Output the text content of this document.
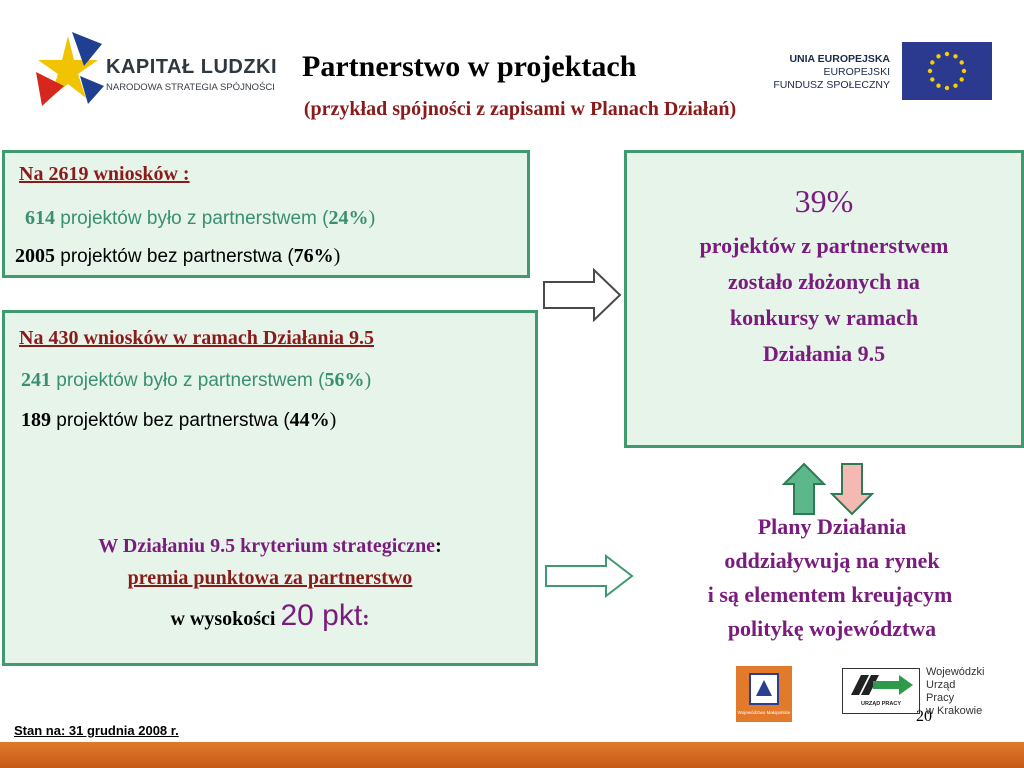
KAPITAŁ LUDZKI
NARODOWA STRATEGIA SPÓJNOŚCI
Partnerstwo w projektach
(przykład spójności z zapisami w Planach Działań)
UNIA EUROPEJSKA
EUROPEJSKI
FUNDUSZ SPOŁECZNY
Na 2619 wniosków :
614 projektów było z partnerstwem (24%)
2005 projektów bez partnerstwa (76%)
Na 430 wniosków w ramach Działania 9.5
241 projektów było z partnerstwem (56%)
189 projektów bez partnerstwa (44%)
W Działaniu 9.5 kryterium strategiczne:
premia punktowa za partnerstwo
w wysokości 20 pkt:
39%
projektów z partnerstwem
zostało złożonych na
konkursy w ramach
Działania 9.5
Plany Działania
oddziaływują na rynek
i są elementem kreującym
politykę województwa
Województwo Małopolskie
URZĄD PRACY
Wojewódzki
Urząd
Pracy
w Krakowie
20
Stan na: 31 grudnia 2008 r.
